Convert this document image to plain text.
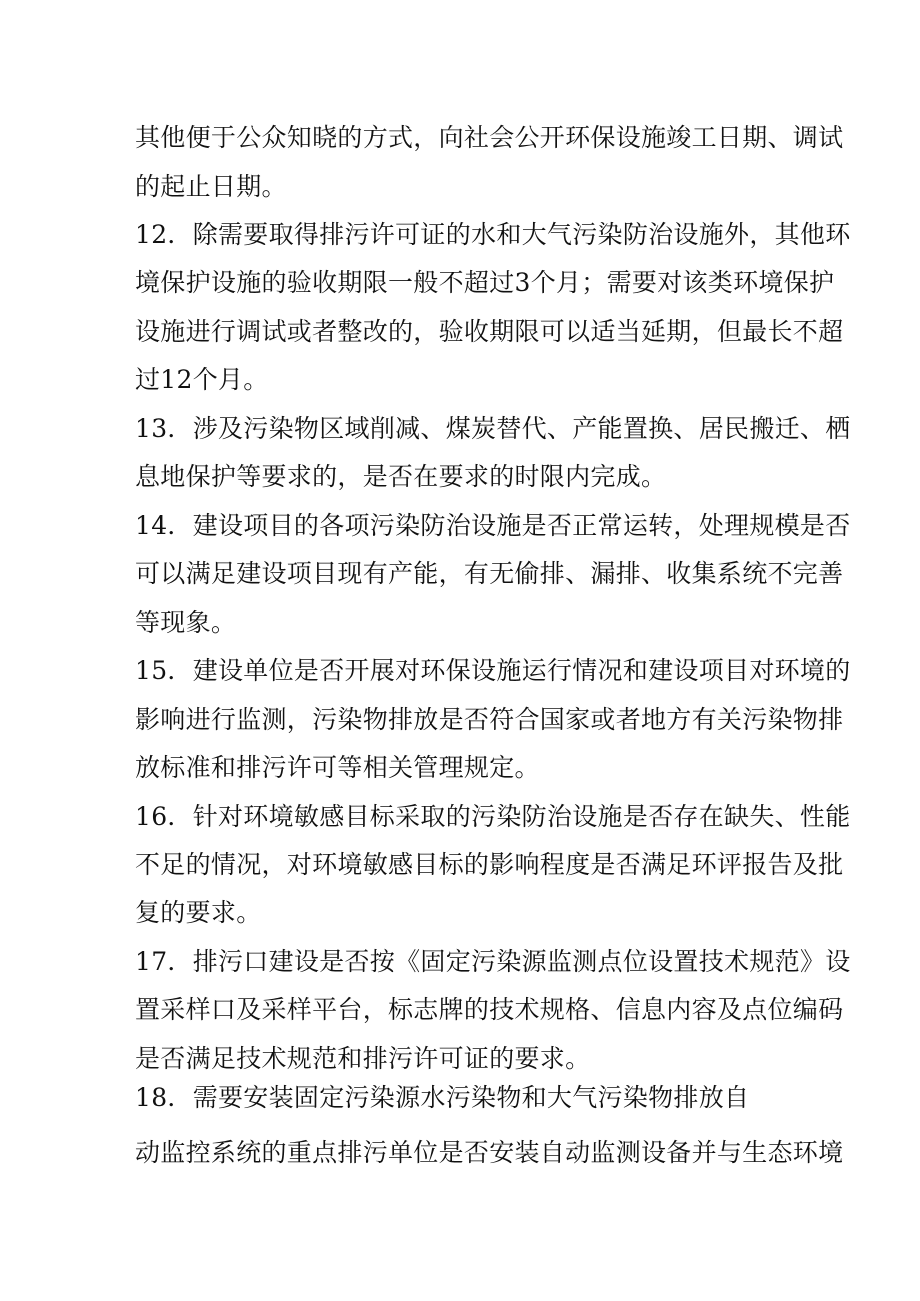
其他便于公众知晓的方式，向社会公开环保设施竣工日期、调试
的起止日期。
12．除需要取得排污许可证的水和大气污染防治设施外，其他环
境保护设施的验收期限一般不超过3个月；需要对该类环境保护
设施进行调试或者整改的，验收期限可以适当延期，但最长不超
过12个月。
13．涉及污染物区域削减、煤炭替代、产能置换、居民搬迁、栖
息地保护等要求的，是否在要求的时限内完成。
14．建设项目的各项污染防治设施是否正常运转，处理规模是否
可以满足建设项目现有产能，有无偷排、漏排、收集系统不完善
等现象。
15．建设单位是否开展对环保设施运行情况和建设项目对环境的
影响进行监测，污染物排放是否符合国家或者地方有关污染物排
放标准和排污许可等相关管理规定。
16．针对环境敏感目标采取的污染防治设施是否存在缺失、性能
不足的情况，对环境敏感目标的影响程度是否满足环评报告及批
复的要求。
17．排污口建设是否按《固定污染源监测点位设置技术规范》设
置采样口及采样平台，标志牌的技术规格、信息内容及点位编码
是否满足技术规范和排污许可证的要求。
18．需要安装固定污染源水污染物和大气污染物排放自
动监控系统的重点排污单位是否安装自动监测设备并与生态环境
